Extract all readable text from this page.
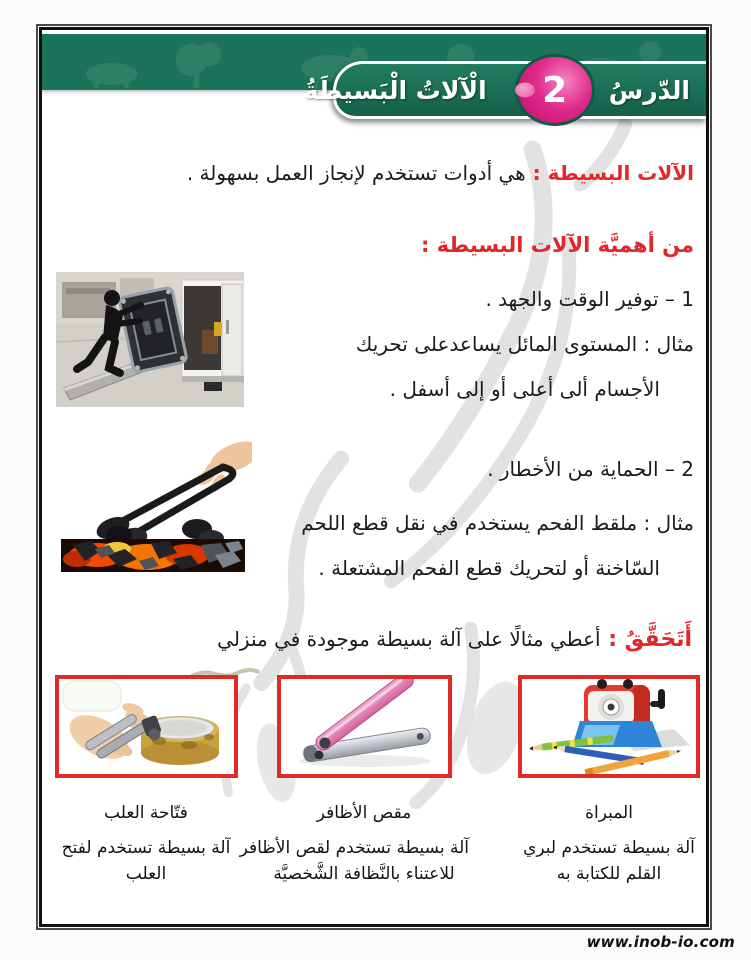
الدّرسُ
2
الْآلاتُ الْبَسيطَةُ
الآلات البسيطة : هي أدوات تستخدم لإنجاز العمل بسهولة .
من أهميَّة الآلات البسيطة :
1 – توفير الوقت والجهد .
مثال : المستوى المائل يساعدعلى تحريك
الأجسام ألى أعلى أو إلى أسفل .
2 – الحماية من الأخطار .
مثال : ملقط الفحم يستخدم في نقل قطع اللحم
السّاخنة أو لتحريك قطع الفحم المشتعلة .
أَتَحَقَّقُ : أعطي مثالًا على آلة بسيطة موجودة في منزلي
فتّاحة العلب
آلة بسيطة تستخدم لفتح
العلب
مقص الأظافر
آلة بسيطة تستخدم لقص الأظافر
للاعتناء بالنَّظافة الشَّخصيَّة
المبراة
آلة بسيطة تستخدم لبري
القلم للكتابة به
www.inob-io.com
